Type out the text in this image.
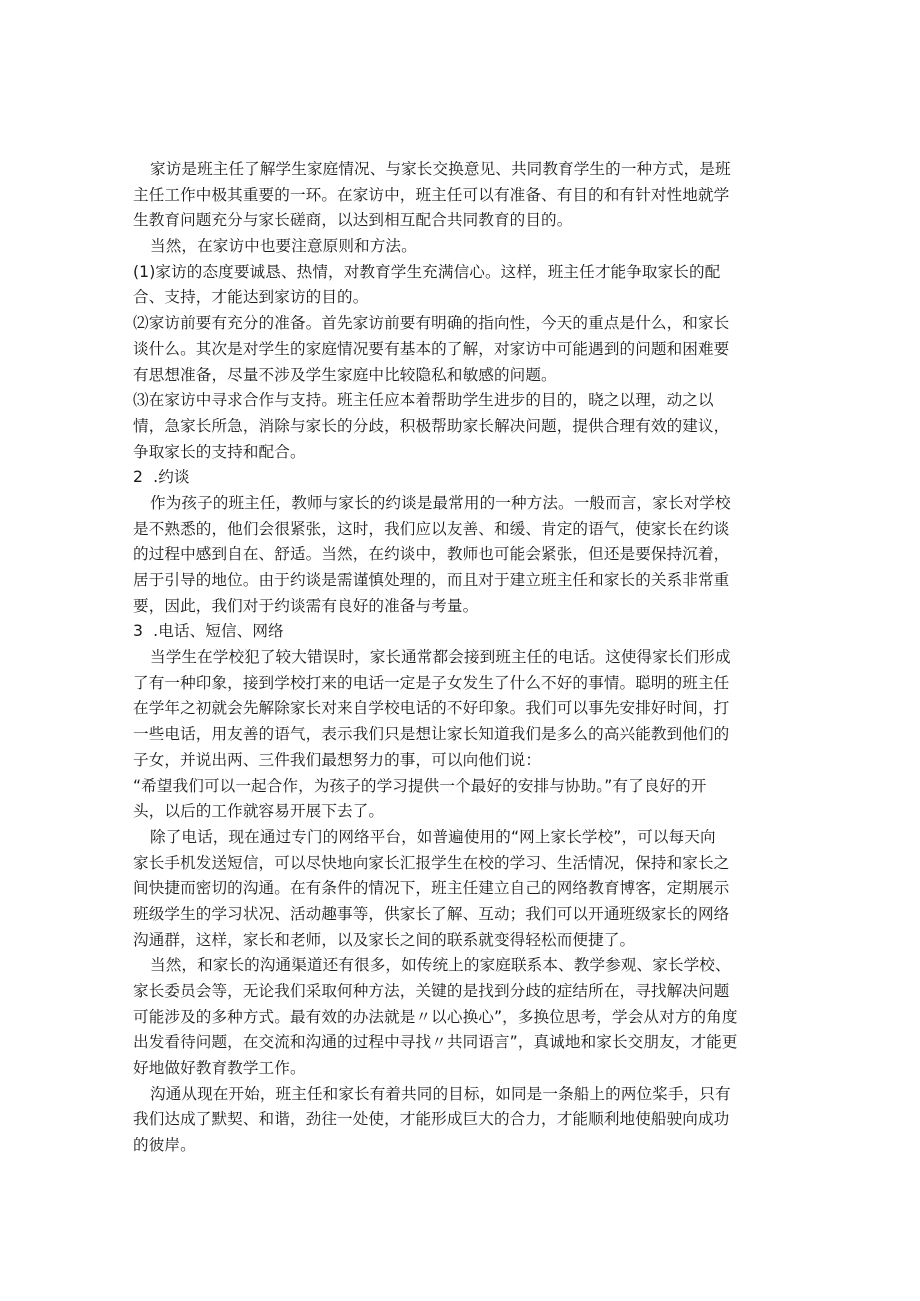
家访是班主任了解学生家庭情况、与家长交换意见、共同教育学生的一种方式，是班
主任工作中极其重要的一环。在家访中，班主任可以有准备、有目的和有针对性地就学
生教育问题充分与家长磋商，以达到相互配合共同教育的目的。
当然，在家访中也要注意原则和方法。
(1)家访的态度要诚恳、热情，对教育学生充满信心。这样，班主任才能争取家长的配
合、支持，才能达到家访的目的。
⑵家访前要有充分的准备。首先家访前要有明确的指向性，今天的重点是什么，和家长
谈什么。其次是对学生的家庭情况要有基本的了解，对家访中可能遇到的问题和困难要
有思想准备，尽量不涉及学生家庭中比较隐私和敏感的问题。
⑶在家访中寻求合作与支持。班主任应本着帮助学生进步的目的，晓之以理，动之以
情，急家长所急，消除与家长的分歧，积极帮助家长解决问题，提供合理有效的建议，
争取家长的支持和配合。
2  .约谈
作为孩子的班主任，教师与家长的约谈是最常用的一种方法。一般而言，家长对学校
是不熟悉的，他们会很紧张，这时，我们应以友善、和缓、肯定的语气，使家长在约谈
的过程中感到自在、舒适。当然，在约谈中，教师也可能会紧张，但还是要保持沉着，
居于引导的地位。由于约谈是需谨慎处理的，而且对于建立班主任和家长的关系非常重
要，因此，我们对于约谈需有良好的准备与考量。
3  .电话、短信、网络
当学生在学校犯了较大错误时，家长通常都会接到班主任的电话。这使得家长们形成
了有一种印象，接到学校打来的电话一定是子女发生了什么不好的事情。聪明的班主任
在学年之初就会先解除家长对来自学校电话的不好印象。我们可以事先安排好时间，打
一些电话，用友善的语气，表示我们只是想让家长知道我们是多么的高兴能教到他们的
子女，并说出两、三件我们最想努力的事，可以向他们说：
“希望我们可以一起合作，为孩子的学习提供一个最好的安排与协助。”有了良好的开
头，以后的工作就容易开展下去了。
除了电话，现在通过专门的网络平台，如普遍使用的“网上家长学校”，可以每天向
家长手机发送短信，可以尽快地向家长汇报学生在校的学习、生活情况，保持和家长之
间快捷而密切的沟通。在有条件的情况下，班主任建立自己的网络教育博客，定期展示
班级学生的学习状况、活动趣事等，供家长了解、互动；我们可以开通班级家长的网络
沟通群，这样，家长和老师，以及家长之间的联系就变得轻松而便捷了。
当然，和家长的沟通渠道还有很多，如传统上的家庭联系本、教学参观、家长学校、
家长委员会等，无论我们采取何种方法，关键的是找到分歧的症结所在，寻找解决问题
可能涉及的多种方式。最有效的办法就是〃以心换心”，多换位思考，学会从对方的角度
出发看待问题，在交流和沟通的过程中寻找〃共同语言”，真诚地和家长交朋友，才能更
好地做好教育教学工作。
沟通从现在开始，班主任和家长有着共同的目标，如同是一条船上的两位桨手，只有
我们达成了默契、和谐，劲往一处使，才能形成巨大的合力，才能顺利地使船驶向成功
的彼岸。
